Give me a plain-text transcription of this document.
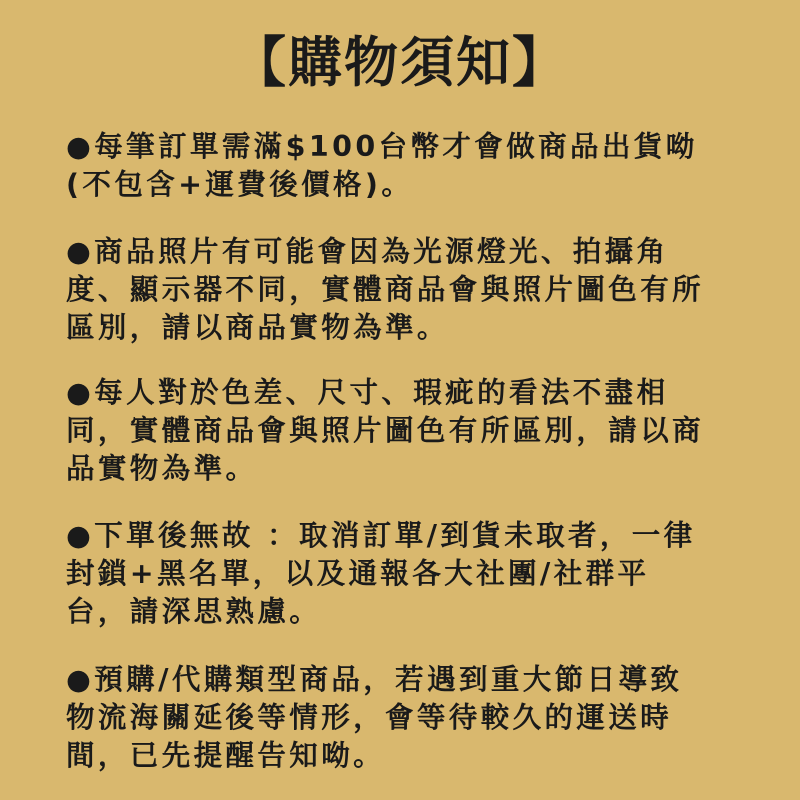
【購物須知】

●每筆訂單需滿$100台幣才會做商品出貨呦
(不包含+運費後價格)。

●商品照片有可能會因為光源燈光、拍攝角
度、顯示器不同，實體商品會與照片圖色有所
區別，請以商品實物為準。

●每人對於色差、尺寸、瑕疵的看法不盡相
同，實體商品會與照片圖色有所區別，請以商
品實物為準。

●下單後無故 ：取消訂單/到貨未取者，一律
封鎖+黑名單，以及通報各大社團/社群平
台，請深思熟慮。

●預購/代購類型商品，若遇到重大節日導致
物流海關延後等情形，會等待較久的運送時
間，已先提醒告知呦。
